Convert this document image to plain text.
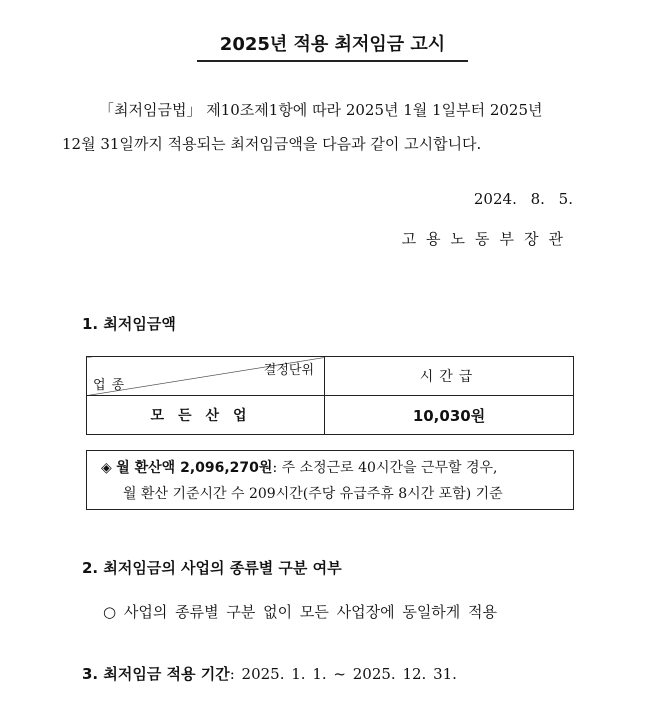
2025년 적용 최저임금 고시
「최저임금법」 제10조제1항에 따라 2025년 1월 1일부터 2025년
12월 31일까지 적용되는 최저임금액을 다음과 같이 고시합니다.
2024. 8. 5.
고용노동부장관
1. 최저임금액
결정단위
업종	시간급
모든산업	10,030원
◈ 월 환산액 2,096,270원: 주 소정근로 40시간을 근무할 경우,
월 환산 기준시간 수 209시간(주당 유급주휴 8시간 포함) 기준
2. 최저임금의 사업의 종류별 구분 여부
○ 사업의 종류별 구분 없이 모든 사업장에 동일하게 적용
3. 최저임금 적용 기간: 2025. 1. 1. ~ 2025. 12. 31.
